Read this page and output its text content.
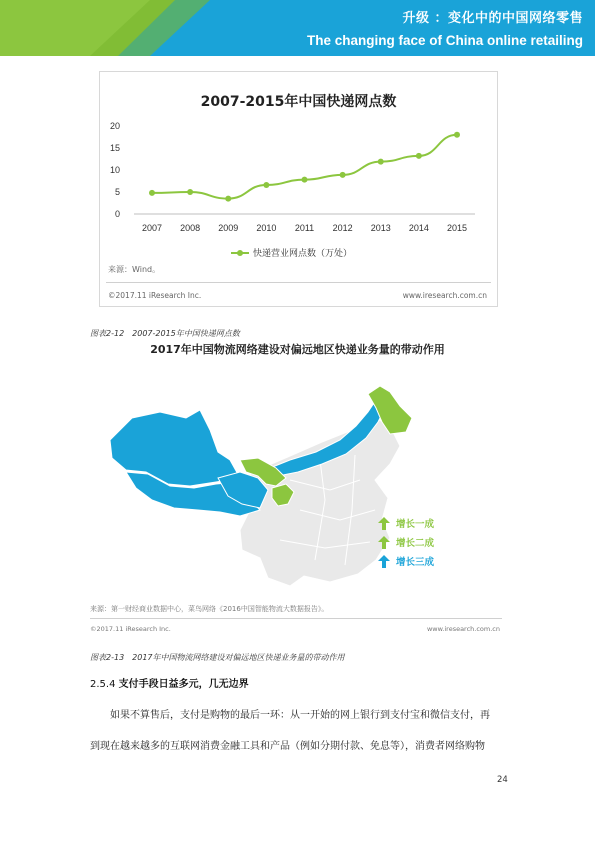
升级 ：变化中的中国网络零售
The changing face of China online retailing
20
15
10
5
0
2007 2008 2009 2010 2011 2012 2013 2014 2015
2007-2015年中国快递网点数
快递营业网点数（万处）
来源：Wind。
©2017.11 iResearch Inc.	www.iresearch.com.cn
图表2-12　2007-2015年中国快递网点数
2017年中国物流网络建设对偏远地区快递业务量的带动作用
增长一成
增长二成
增长三成
来源：第一财经商业数据中心，菜鸟网络《2016中国智能物流大数据报告》。
©2017.11 iResearch Inc.	www.iresearch.com.cn
图表2-13　2017年中国物流网络建设对偏远地区快递业务量的带动作用
2.5.4 支付手段日益多元，几无边界
如果不算售后，支付是购物的最后一环：从一开始的网上银行到支付宝和微信支付，再
到现在越来越多的互联网消费金融工具和产品（例如分期付款、免息等），消费者网络购物
24
